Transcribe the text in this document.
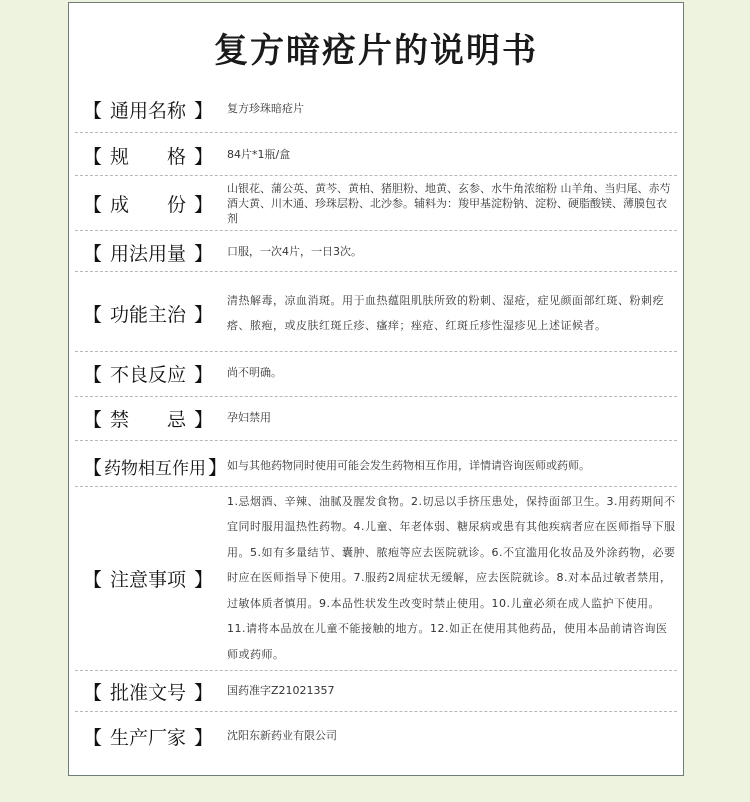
复方暗疮片的说明书
【 通用名称 】	复方珍珠暗疮片
【 规　　格 】	84片*1瓶/盒
【 成　　份 】
山银花、蒲公英、黄芩、黄柏、猪胆粉、地黄、玄参、水牛角浓缩粉 山羊角、当归尾、赤芍酒大黄、川木通、珍珠层粉、北沙参。辅料为：羧甲基淀粉钠、淀粉、硬脂酸镁、薄膜包衣剂
【 用法用量 】	口服，一次4片，一日3次。
【 功能主治 】
清热解毒，凉血消斑。用于血热蕴阻肌肤所致的粉刺、湿疮，症见颜面部红斑、粉刺疙瘩、脓疱，或皮肤红斑丘疹、瘙痒；痤疮、红斑丘疹性湿疹见上述证候者。
【 不良反应 】	尚不明确。
【 禁　　忌 】	孕妇禁用
【 药物相互作用 】 如与其他药物同时使用可能会发生药物相互作用，详情请咨询医师或药师。
【 注意事项 】
1.忌烟酒、辛辣、油腻及腥发食物。2.切忌以手挤压患处，保持面部卫生。3.用药期间不宜同时服用温热性药物。4.儿童、年老体弱、糖尿病或患有其他疾病者应在医师指导下服用。5.如有多量结节、囊肿、脓疱等应去医院就诊。6.不宜滥用化妆品及外涂药物，必要时应在医师指导下使用。7.服药2周症状无缓解，应去医院就诊。8.对本品过敏者禁用，过敏体质者慎用。9.本品性状发生改变时禁止使用。10.儿童必须在成人监护下使用。11.请将本品放在儿童不能接触的地方。12.如正在使用其他药品，使用本品前请咨询医师或药师。
【 批准文号 】	国药准字Z21021357
【 生产厂家 】	沈阳东新药业有限公司
